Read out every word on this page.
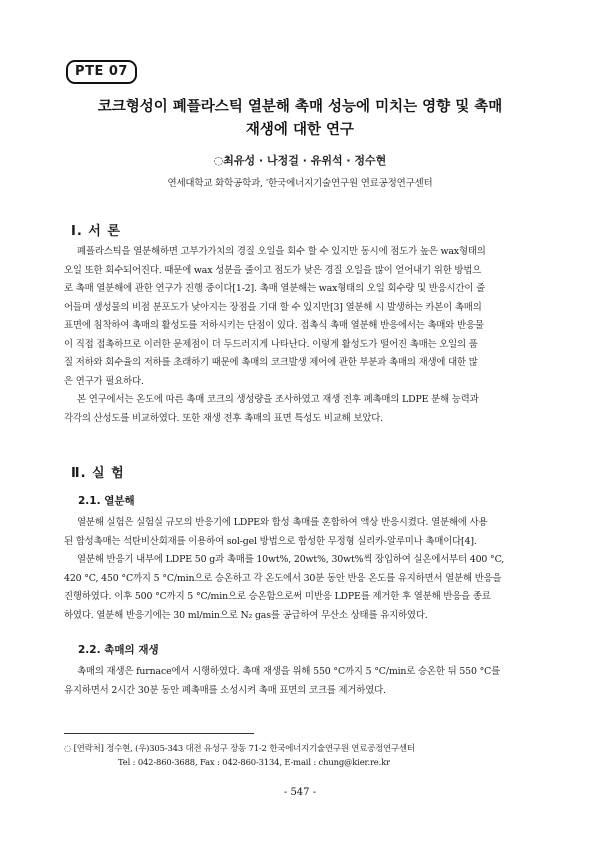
PTE 07
코크형성이 폐플라스틱 열분해 촉매 성능에 미치는 영향 및 촉매
재생에 대한 연구
◌최유성 · 나정걸 · 유위석 · 정수현
연세대학교 화학공학과, ˈ한국에너지기술연구원 연료공정연구센터
Ⅰ. 서 론
폐플라스틱을 열분해하면 고부가가치의 경질 오일을 회수 할 수 있지만 동시에 점도가 높은 wax형태의
오일 또한 회수되어진다. 때문에 wax 성분을 줄이고 점도가 낮은 경질 오일을 많이 얻어내기 위한 방법으
로 촉매 열분해에 관한 연구가 진행 중이다[1-2]. 촉매 열분해는 wax형태의 오일 회수량 및 반응시간이 줄
어들며 생성물의 비점 분포도가 낮아지는 장점을 기대 할 수 있지만[3] 열분해 시 발생하는 카본이 촉매의
표면에 침착하여 촉매의 활성도를 저하시키는 단점이 있다. 접촉식 촉매 열분해 반응에서는 촉매와 반응물
이 직접 접촉하므로 이러한 문제점이 더 두드러지게 나타난다. 이렇게 활성도가 떨어진 촉매는 오일의 품
질 저하와 회수율의 저하를 초래하기 때문에 촉매의 코크발생 제어에 관한 부분과 촉매의 재생에 대한 많
은 연구가 필요하다.
본 연구에서는 온도에 따른 촉매 코크의 생성량을 조사하였고 재생 전후 폐촉매의 LDPE 분해 능력과
각각의 산성도를 비교하였다. 또한 재생 전후 촉매의 표면 특성도 비교해 보았다.
Ⅱ. 실 험
2.1. 열분해
열분해 실험은 실험실 규모의 반응기에 LDPE와 합성 촉매를 혼합하여 액상 반응시켰다. 열분해에 사용
된 합성촉매는 석탄비산회재를 이용하여 sol-gel 방법으로 합성한 무정형 실리카-알루미나 촉매이다[4].
열분해 반응기 내부에 LDPE 50 g과 촉매를 10wt%, 20wt%, 30wt%씩 장입하여 실온에서부터 400 °C,
420 °C, 450 °C까지 5 °C/min으로 승온하고 각 온도에서 30분 동안 반응 온도를 유지하면서 열분해 반응을
진행하였다. 이후 500 °C까지 5 °C/min으로 승온함으로써 미반응 LDPE를 제거한 후 열분해 반응을 종료
하였다. 열분해 반응기에는 30 ml/min으로 N₂ gas를 공급하여 무산소 상태를 유지하였다.
2.2. 촉매의 재생
촉매의 재생은 furnace에서 시행하였다. 촉매 재생을 위해 550 °C까지 5 °C/min로 승온한 뒤 550 °C를
유지하면서 2시간 30분 동안 폐촉매를 소성시켜 촉매 표면의 코크를 제거하였다.
◌ [연락처] 정수현, (우)305-343 대전 유성구 장동 71-2 한국에너지기술연구원 연료공정연구센터
Tel : 042-860-3688, Fax : 042-860-3134, E-mail : chung@kier.re.kr
- 547 -
